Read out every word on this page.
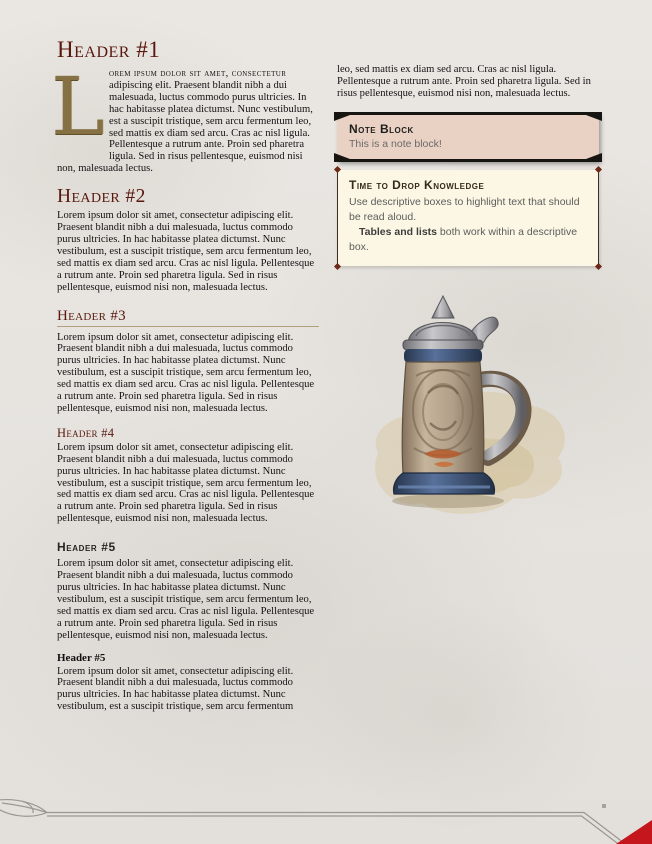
Header #1

Lorem ipsum dolor sit amet, consectetur adipiscing elit. Praesent blandit nibh a dui malesuada, luctus commodo purus ultricies. In hac habitasse platea dictumst. Nunc vestibulum, est a suscipit tristique, sem arcu fermentum leo, sed mattis ex diam sed arcu. Cras ac nisl ligula. Pellentesque a rutrum ante. Proin sed pharetra ligula. Sed in risus pellentesque, euismod nisi non, malesuada lectus.

Header #2

Lorem ipsum dolor sit amet, consectetur adipiscing elit. Praesent blandit nibh a dui malesuada, luctus commodo purus ultricies. In hac habitasse platea dictumst. Nunc vestibulum, est a suscipit tristique, sem arcu fermentum leo, sed mattis ex diam sed arcu. Cras ac nisl ligula. Pellentesque a rutrum ante. Proin sed pharetra ligula. Sed in risus pellentesque, euismod nisi non, malesuada lectus.

Header #3

Lorem ipsum dolor sit amet, consectetur adipiscing elit. Praesent blandit nibh a dui malesuada, luctus commodo purus ultricies. In hac habitasse platea dictumst. Nunc vestibulum, est a suscipit tristique, sem arcu fermentum leo, sed mattis ex diam sed arcu. Cras ac nisl ligula. Pellentesque a rutrum ante. Proin sed pharetra ligula. Sed in risus pellentesque, euismod nisi non, malesuada lectus.

Header #4

Lorem ipsum dolor sit amet, consectetur adipiscing elit. Praesent blandit nibh a dui malesuada, luctus commodo purus ultricies. In hac habitasse platea dictumst. Nunc vestibulum, est a suscipit tristique, sem arcu fermentum leo, sed mattis ex diam sed arcu. Cras ac nisl ligula. Pellentesque a rutrum ante. Proin sed pharetra ligula. Sed in risus pellentesque, euismod nisi non, malesuada lectus.

Header #5

Lorem ipsum dolor sit amet, consectetur adipiscing elit. Praesent blandit nibh a dui malesuada, luctus commodo purus ultricies. In hac habitasse platea dictumst. Nunc vestibulum, est a suscipit tristique, sem arcu fermentum leo, sed mattis ex diam sed arcu. Cras ac nisl ligula. Pellentesque a rutrum ante. Proin sed pharetra ligula. Sed in risus pellentesque, euismod nisi non, malesuada lectus.

Header #5

Lorem ipsum dolor sit amet, consectetur adipiscing elit. Praesent blandit nibh a dui malesuada, luctus commodo purus ultricies. In hac habitasse platea dictumst. Nunc vestibulum, est a suscipit tristique, sem arcu fermentum

leo, sed mattis ex diam sed arcu. Cras ac nisl ligula. Pellentesque a rutrum ante. Proin sed pharetra ligula. Sed in risus pellentesque, euismod nisi non, malesuada lectus.

Note Block

This is a note block!

Time to Drop Knowledge

Use descriptive boxes to highlight text that should be read aloud.

Tables and lists both work within a descriptive box.
